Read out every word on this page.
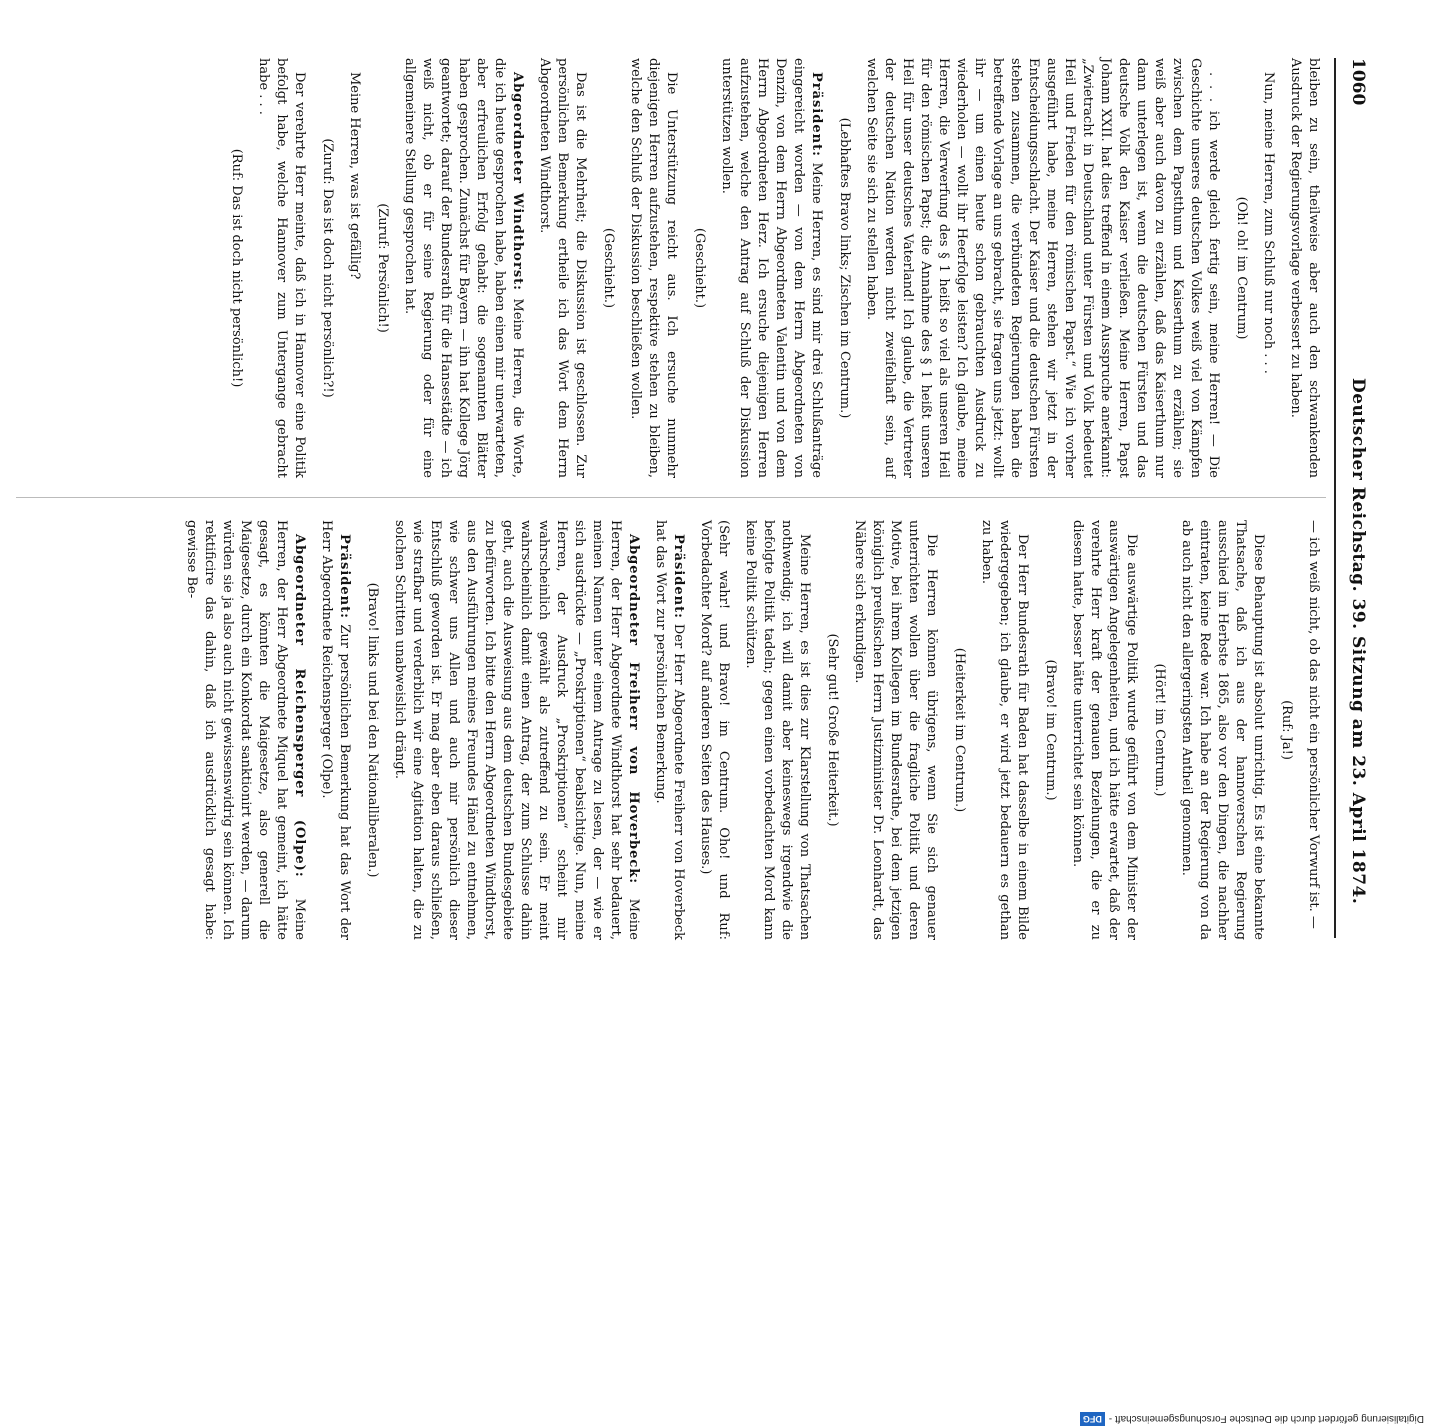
1060
Deutscher Reichstag. 39. Sitzung am 23. April 1874.

bleiben zu sein, theilweise aber auch den schwankenden Ausdruck der Regierungsvorlage verbessert zu haben.

Nun, meine Herren, zum Schluß nur noch . . .

(Oh! oh! im Centrum)

. . . ich werde gleich fertig sein, meine Herren! — Die Geschichte unseres deutschen Volkes weiß viel von Kämpfen zwischen dem Papstthum und Kaiserthum zu erzählen; sie weiß aber auch davon zu erzählen, daß das Kaiserthum nur dann unterlegen ist, wenn die deutschen Fürsten und das deutsche Volk den Kaiser verließen. Meine Herren, Papst Johann XXII. hat dies treffend in einem Ausspruche anerkannt: „Zwietracht in Deutschland unter Fürsten und Volk bedeutet Heil und Frieden für den römischen Papst.“ Wie ich vorher ausgeführt habe, meine Herren, stehen wir jetzt in der Entscheidungsschlacht. Der Kaiser und die deutschen Fürsten stehen zusammen, die verbündeten Regierungen haben die betreffende Vorlage an uns gebracht, sie fragen uns jetzt: wollt ihr — um einen heute schon gebrauchten Ausdruck zu wiederholen — wollt ihr Heerfolge leisten? Ich glaube, meine Herren, die Verwerfung des § 1 heißt so viel als unseren Heil für den römischen Papst; die Annahme des § 1 heißt unseren Heil für unser deutsches Vaterland! Ich glaube, die Vertreter der deutschen Nation werden nicht zweifelhaft sein, auf welchen Seite sie sich zu stellen haben.

(Lebhaftes Bravo links; Zischen im Centrum.)

Präsident: Meine Herren, es sind mir drei Schlußanträge eingereicht worden — von dem Herrn Abgeordneten von Denzin, von dem Herrn Abgeordneten Valentin und von dem Herrn Abgeordneten Herz. Ich ersuche diejenigen Herren aufzustehen, welche den Antrag auf Schluß der Diskussion unterstützen wollen.

(Geschieht.)

Die Unterstützung reicht aus. Ich ersuche nunmehr diejenigen Herren aufzustehen, respektive stehen zu bleiben, welche den Schluß der Diskussion beschließen wollen.

(Geschieht.)

Das ist die Mehrheit; die Diskussion ist geschlossen. Zur persönlichen Bemerkung ertheile ich das Wort dem Herrn Abgeordneten Windthorst.

Abgeordneter Windthorst: Meine Herren, die Worte, die ich heute gesprochen habe, haben einen mir unerwarteten, aber erfreulichen Erfolg gehabt: die sogenannten Blätter haben gesprochen. Zunächst für Bayern — ihn hat Kollege Jörg geantwortet; darauf der Bundesrath für die Hansestädte — ich weiß nicht, ob er für seine Regierung oder für eine allgemeinere Stellung gesprochen hat.

(Zuruf: Persönlich!)

Meine Herren, was ist gefällig?

(Zuruf: Das ist doch nicht persönlich?!)

Der verehrte Herr meinte, daß ich in Hannover eine Politik befolgt habe, welche Hannover zum Untergange gebracht habe . . .

(Ruf: Das ist doch nicht persönlich!)

— ich weiß nicht, ob das nicht ein persönlicher Vorwurf ist. —

(Ruf: Ja!)

Diese Behauptung ist absolut unrichtig. Es ist eine bekannte Thatsache, daß ich aus der hannoverschen Regierung ausschied im Herbste 1865, also vor den Dingen, die nachher eintraten, keine Rede war. Ich habe an der Regierung von da ab auch nicht den allergeringsten Antheil genommen.

(Hört! im Centrum.)

Die auswärtige Politik wurde geführt von dem Minister der auswärtigen Angelegenheiten, und ich hätte erwartet, daß der verehrte Herr kraft der genauen Beziehungen, die er zu diesem hatte, besser hätte unterrichtet sein können.

(Bravo! im Centrum.)

Der Herr Bundesrath für Baden hat dasselbe in einem Bilde wiedergegeben; ich glaube, er wird jetzt bedauern es gethan zu haben.

(Heiterkeit im Centrum.)

Die Herren können übrigens, wenn Sie sich genauer unterrichten wollen über die fragliche Politik und deren Motive, bei ihrem Kollegen im Bundesrathe, bei dem jetzigen königlich preußischen Herrn Justizminister Dr. Leonhardt, das Nähere sich erkundigen.

(Sehr gut! Große Heiterkeit.)

Meine Herren, es ist dies zur Klarstellung von Thatsachen nothwendig; ich will damit aber keineswegs irgendwie die befolgte Politik tadeln; gegen einen vorbedachten Mord kann keine Politik schützen.

(Sehr wahr! und Bravo! im Centrum. Oho! und Ruf: Vorbedachter Mord? auf anderen Seiten des Hauses.)

Präsident: Der Herr Abgeordnete Freiherr von Hoverbeck hat das Wort zur persönlichen Bemerkung.

Abgeordneter Freiherr von Hoverbeck: Meine Herren, der Herr Abgeordnete Windthorst hat sehr bedauert, meinen Namen unter einem Antrage zu lesen, der — wie er sich ausdrückte — „Proskriptionen“ beabsichtige. Nun, meine Herren, der Ausdruck „Proskriptionen“ scheint mir wahrscheinlich gewählt als zutreffend zu sein. Er meint wahrscheinlich damit einen Antrag, der zum Schlusse dahin geht, auch die Ausweisung aus dem deutschen Bundesgebiete zu befürworten. Ich bitte den Herrn Abgeordneten Windthorst, aus den Ausführungen meines Freundes Hänel zu entnehmen, wie schwer uns Allen und auch mir persönlich dieser Entschluß geworden ist. Er mag aber eben daraus schließen, wie strafbar und verderblich wir eine Agitation halten, die zu solchen Schritten unabweislich drängt.

(Bravo! links und bei den Nationalliberalen.)

Präsident: Zur persönlichen Bemerkung hat das Wort der Herr Abgeordnete Reichensperger (Olpe).

Abgeordneter Reichensperger (Olpe): Meine Herren, der Herr Abgeordnete Miquel hat gemeint, ich hätte gesagt, es könnten die Maigesetze, also generell die Maigesetze, durch ein Konkordat sanktionirt werden, — darum würden sie ja also auch nicht gewissenswidrig sein können. Ich rektificire das dahin, daß ich ausdrücklich gesagt habe: gewisse Be-

Digitalisierung gefördert durch die Deutsche Forschungsgemeinschaft -DFG
